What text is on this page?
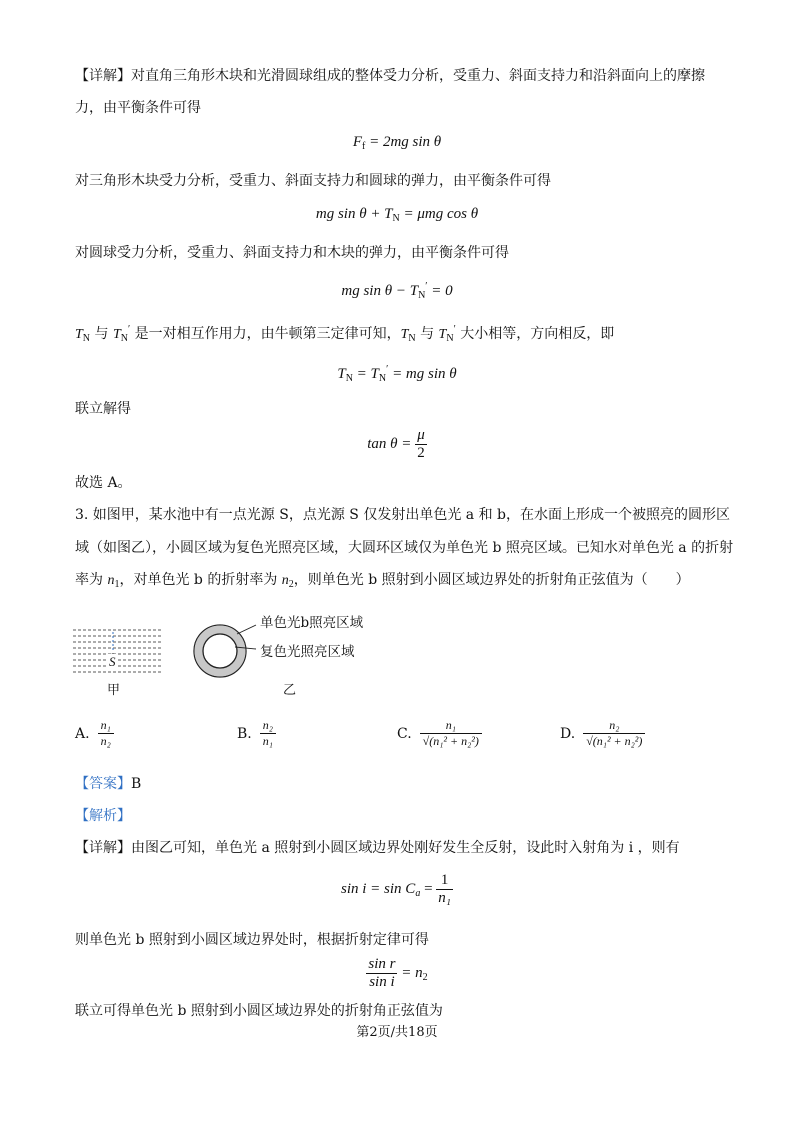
【详解】对直角三角形木块和光滑圆球组成的整体受力分析，受重力、斜面支持力和沿斜面向上的摩擦
力，由平衡条件可得
$F_f = 2mg$ sin θ
对三角形木块受力分析，受重力、斜面支持力和圆球的弹力，由平衡条件可得
mg $\sin \theta + T_N = \mu mg$ cos θ
对圆球受力分析，受重力、斜面支持力和木块的弹力，由平衡条件可得
mg $\sin \theta - T_N' = 0$
$T_N$ 与 $T_N'$ 是一对相互作用力，由牛顿第三定律可知，$T_N$ 与 $T_N'$ 大小相等，方向相反，即
$T_N = T_N'$ = mg sin θ
联立解得
$\tan \theta = \frac{\mu}{2}$
故选 A。
3. 如图甲，某水池中有一点光源 S，点光源 S 仅发射出单色光 a 和 b，在水面上形成一个被照亮的圆形区
域（如图乙），小圆区域为复色光照亮区域，大圆环区域仅为单色光 b 照亮区域。已知水对单色光 a 的折射
率为 $n_1$，对单色光 b 的折射率为 $n_2$，则单色光 b 照射到小圆区域边界处的折射角正弦值为（　　）
S
甲
单色光b照亮区域
复色光照亮区域
乙
A. $\frac{\text{n₁}}{\text{n₂}}$	B. $\frac{\text{n₂}}{\text{n₁}}$	C. $\frac{\text{n₁}}{\text{√(n₁² + n₂²)}}$	D. $\frac{\text{n₂}}{\text{√(n₁² + n₂²)}}$
【答案】B
【解析】
【详解】由图乙可知，单色光 a 照射到小圆区域边界处刚好发生全反射，设此时入射角为 i ，则有
$\sin i = \sin C_a = \frac{1}{\text{n₁}}$
则单色光 b 照射到小圆区域边界处时，根据折射定律可得
$\frac{\text{sin r}}{\text{sin i}} = n_2$
联立可得单色光 b 照射到小圆区域边界处的折射角正弦值为
第2页/共18页
